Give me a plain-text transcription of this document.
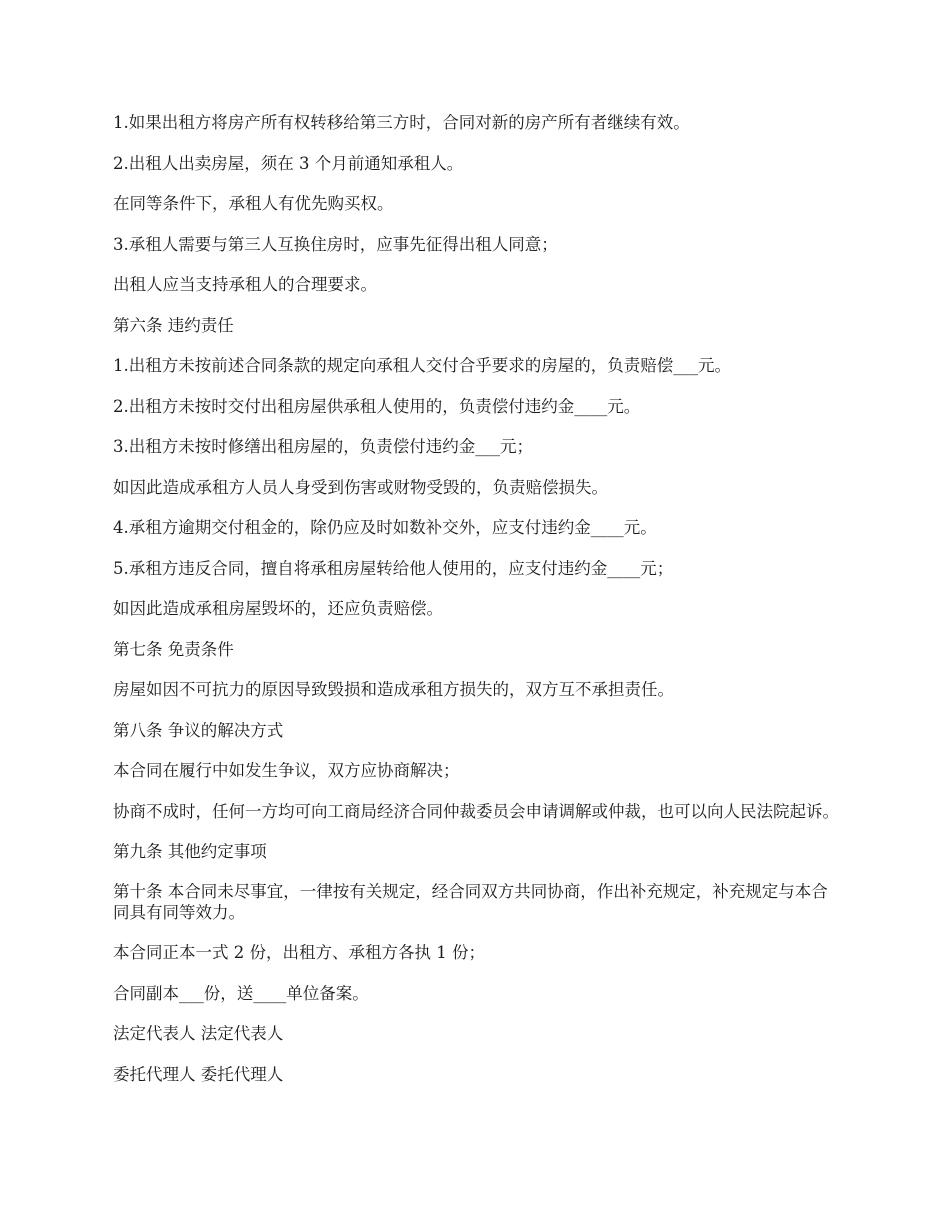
1.如果出租方将房产所有权转移给第三方时，合同对新的房产所有者继续有效。

2.出租人出卖房屋，须在 3 个月前通知承租人。

在同等条件下，承租人有优先购买权。

3.承租人需要与第三人互换住房时，应事先征得出租人同意；

出租人应当支持承租人的合理要求。

第六条 违约责任

1.出租方未按前述合同条款的规定向承租人交付合乎要求的房屋的，负责赔偿___元。

2.出租方未按时交付出租房屋供承租人使用的，负责偿付违约金____元。

3.出租方未按时修缮出租房屋的，负责偿付违约金___元；

如因此造成承租方人员人身受到伤害或财物受毁的，负责赔偿损失。

4.承租方逾期交付租金的，除仍应及时如数补交外，应支付违约金____元。

5.承租方违反合同，擅自将承租房屋转给他人使用的，应支付违约金____元；

如因此造成承租房屋毁坏的，还应负责赔偿。

第七条 免责条件

房屋如因不可抗力的原因导致毁损和造成承租方损失的，双方互不承担责任。

第八条 争议的解决方式

本合同在履行中如发生争议，双方应协商解决；

协商不成时，任何一方均可向工商局经济合同仲裁委员会申请调解或仲裁，也可以向人民法院起诉。

第九条 其他约定事项

第十条 本合同未尽事宜，一律按有关规定，经合同双方共同协商，作出补充规定，补充规定与本合同具有同等效力。

本合同正本一式 2 份，出租方、承租方各执 1 份；

合同副本___份，送____单位备案。

法定代表人 法定代表人

委托代理人 委托代理人
